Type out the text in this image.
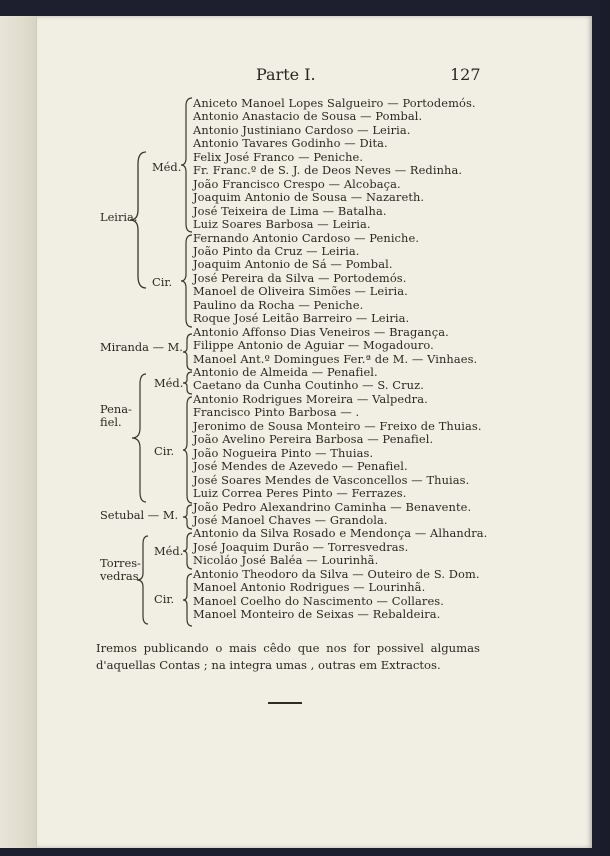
Parte I.	127
Aniceto Manoel Lopes Salgueiro — Portodemós.
Antonio Anastacio de Sousa — Pombal.
Antonio Justiniano Cardoso — Leiria.
Antonio Tavares Godinho — Dita.
Felix José Franco — Peniche.
Fr. Franc.º de S. J. de Deos Neves — Redinha.
João Francisco Crespo — Alcobaça.
Joaquim Antonio de Sousa — Nazareth.
José Teixeira de Lima — Batalha.
Luiz Soares Barbosa — Leiria.
Fernando Antonio Cardoso — Peniche.
João Pinto da Cruz — Leiria.
Joaquim Antonio de Sá — Pombal.
José Pereira da Silva — Portodemós.
Manoel de Oliveira Simões — Leiria.
Paulino da Rocha — Peniche.
Roque José Leitão Barreiro — Leiria.
Antonio Affonso Dias Veneiros — Bragança.
Filippe Antonio de Aguiar — Mogadouro.
Manoel Ant.º Domingues Fer.ª de M. — Vinhaes.
Antonio de Almeida — Penafiel.
Caetano da Cunha Coutinho — S. Cruz.
Antonio Rodrigues Moreira — Valpedra.
Francisco Pinto Barbosa — .
Jeronimo de Sousa Monteiro — Freixo de Thuias.
João Avelino Pereira Barbosa — Penafiel.
João Nogueira Pinto — Thuias.
José Mendes de Azevedo — Penafiel.
José Soares Mendes de Vasconcellos — Thuias.
Luiz Correa Peres Pinto — Ferrazes.
João Pedro Alexandrino Caminha — Benavente.
José Manoel Chaves — Grandola.
Antonio da Silva Rosado e Mendonça — Alhandra.
José Joaquim Durão — Torresvedras.
Nicoláo José Baléa — Lourinhã.
Antonio Theodoro da Silva — Outeiro de S. Dom.
Manoel Antonio Rodrigues — Lourinhã.
Manoel Coelho do Nascimento — Collares.
Manoel Monteiro de Seixas — Rebaldeira.
Leiria.
Méd.
Cir.
Miranda — M.
Pena-
fiel.
Méd.
Cir.
Setubal — M.
Torres-
vedras.
Méd.
Cir.
Iremos publicando o mais cêdo que nos for possivel algumas d'aquellas Contas ; na integra umas , outras em Extractos.
